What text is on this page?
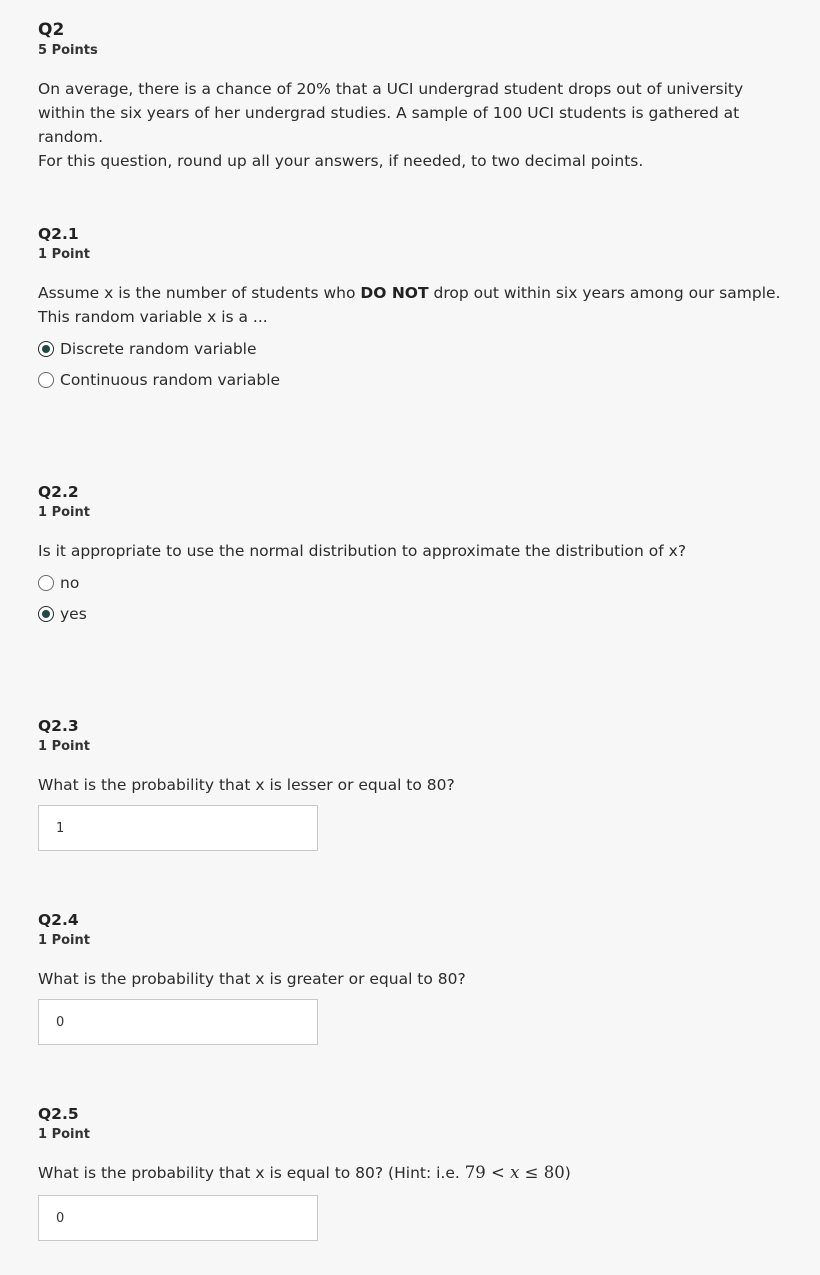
Q2
5 Points

On average, there is a chance of 20% that a UCI undergrad student drops out of university within the six years of her undergrad studies. A sample of 100 UCI students is gathered at random.

For this question, round up all your answers, if needed, to two decimal points.

Q2.1
1 Point

Assume x is the number of students who DO NOT drop out within six years among our sample. This random variable x is a ...

Discrete random variable
Continuous random variable
Q2.2
1 Point

Is it appropriate to use the normal distribution to approximate the distribution of x?

no
yes
Q2.3
1 Point

What is the probability that x is lesser or equal to 80?

1
Q2.4
1 Point

What is the probability that x is greater or equal to 80?

0
Q2.5
1 Point

What is the probability that x is equal to 80? (Hint: i.e. 79 < x ≤ 80)

0
